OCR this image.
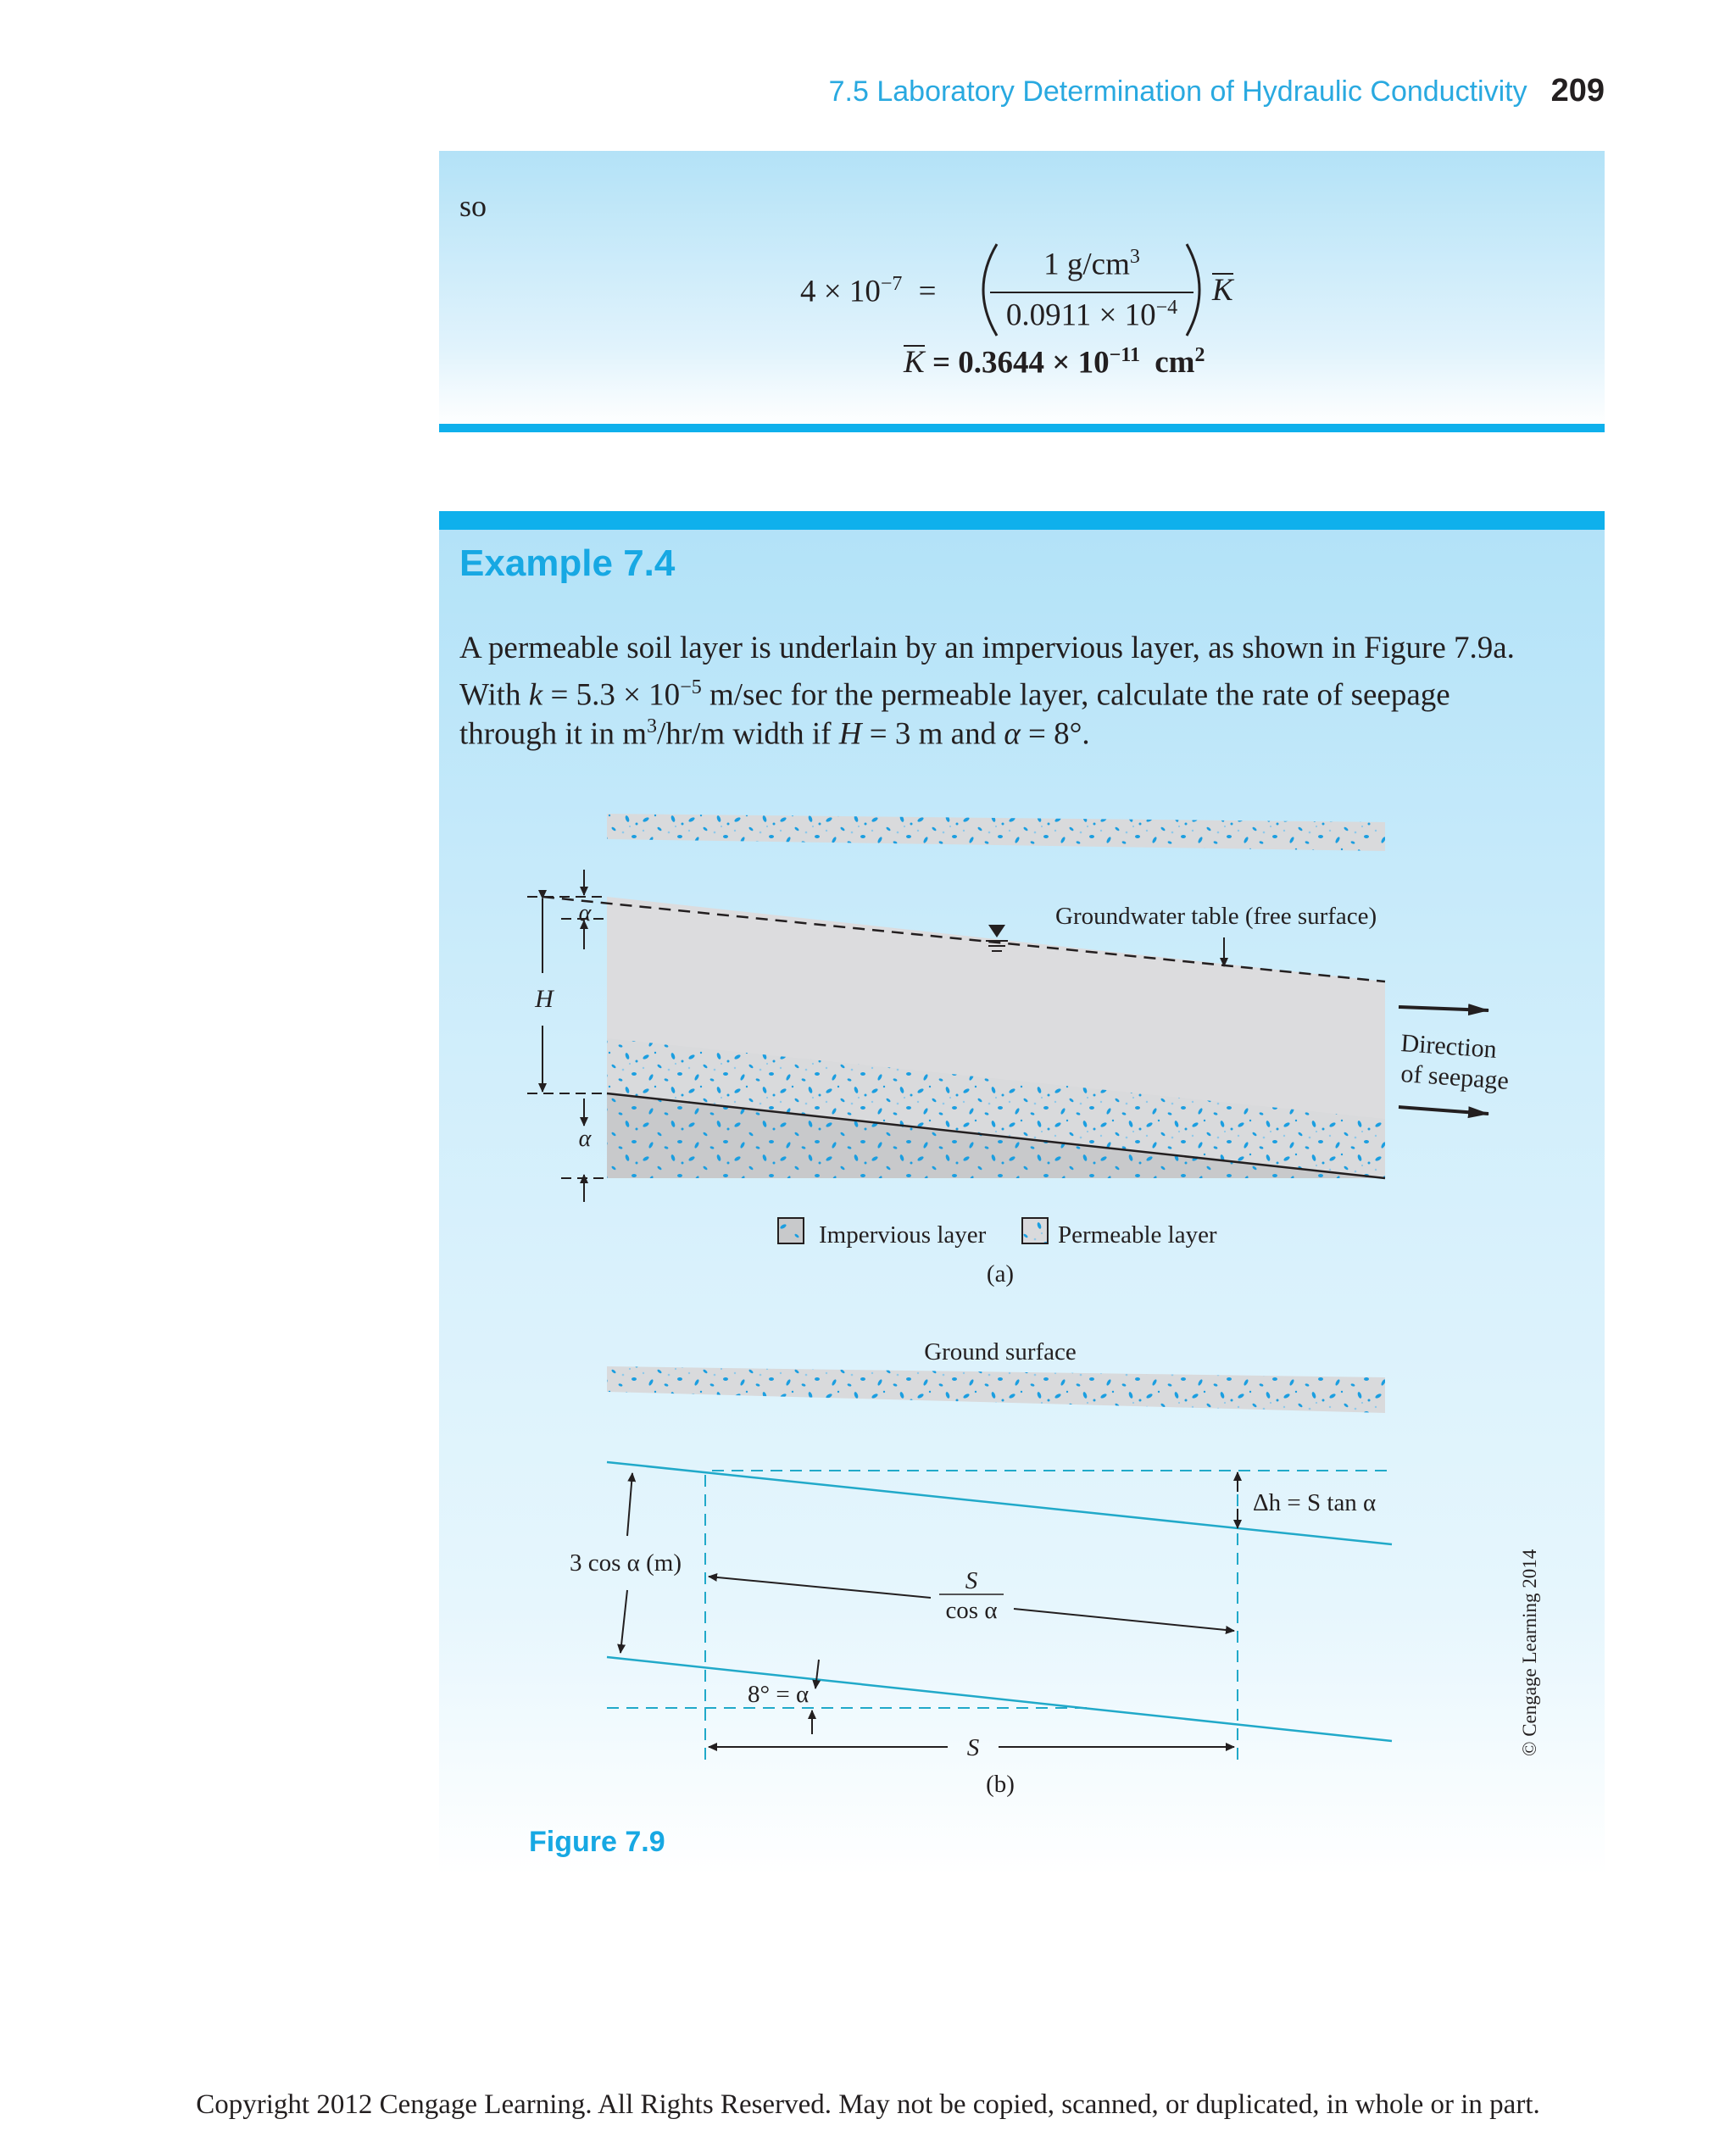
7.5 Laboratory Determination of Hydraulic Conductivity 209
so
$4 \times 10^{-7}$ =
1 $g/cm^3$
$0.0911 \times 10^{-4}$	K
$K = 0.3644 \times 10^{-11}$ $cm^2$
Example 7.4
A permeable soil layer is underlain by an impervious layer, as shown in Figure 7.9a.
With $k = 5.3 \times 10^{-5}$ m/sec for the permeable layer, calculate the rate of seepage
through it in $m^3/hr/m$ width if H = 3 m and α = 8°.
α
H
α
Groundwater table (free surface)
Direction
of seepage
Impervious layer	Permeable layer
(a)
Ground surface
Δh = S tan α
3 cos α (m)
S
cos α
8° = α
S
(b)
© Cengage Learning 2014
Figure 7.9
Copyright 2012 Cengage Learning. All Rights Reserved. May not be copied, scanned, or duplicated, in whole or in part.
